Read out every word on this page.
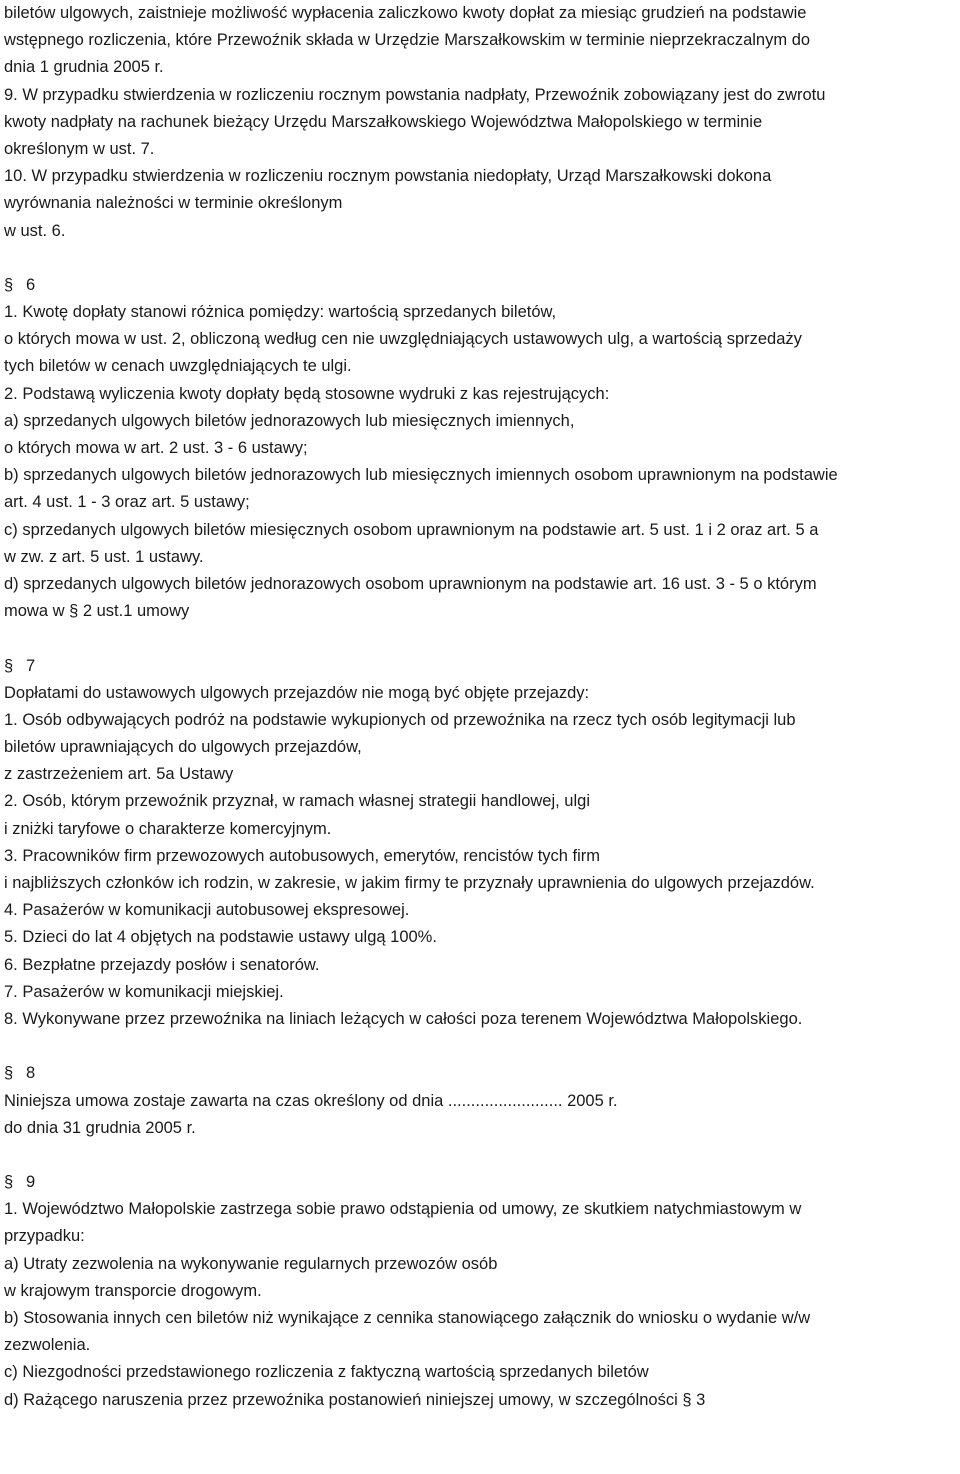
biletów ulgowych, zaistnieje możliwość wypłacenia zaliczkowo kwoty dopłat za miesiąc grudzień na podstawie
wstępnego rozliczenia, które Przewoźnik składa w Urzędzie Marszałkowskim w terminie nieprzekraczalnym do
dnia 1 grudnia 2005 r.
9. W przypadku stwierdzenia w rozliczeniu rocznym powstania nadpłaty, Przewoźnik zobowiązany jest do zwrotu
kwoty nadpłaty na rachunek bieżący Urzędu Marszałkowskiego Województwa Małopolskiego w terminie
określonym w ust. 7.
10. W przypadku stwierdzenia w rozliczeniu rocznym powstania niedopłaty, Urząd Marszałkowski dokona
wyrównania należności w terminie określonym
w ust. 6.
§ 6
1. Kwotę dopłaty stanowi różnica pomiędzy: wartością sprzedanych biletów,
o których mowa w ust. 2, obliczoną według cen nie uwzględniających ustawowych ulg, a wartością sprzedaży
tych biletów w cenach uwzględniających te ulgi.
2. Podstawą wyliczenia kwoty dopłaty będą stosowne wydruki z kas rejestrujących:
a) sprzedanych ulgowych biletów jednorazowych lub miesięcznych imiennych,
o których mowa w art. 2 ust. 3 - 6 ustawy;
b) sprzedanych ulgowych biletów jednorazowych lub miesięcznych imiennych osobom uprawnionym na podstawie
art. 4 ust. 1 - 3 oraz art. 5 ustawy;
c) sprzedanych ulgowych biletów miesięcznych osobom uprawnionym na podstawie art. 5 ust. 1 i 2 oraz art. 5 a
w zw. z art. 5 ust. 1 ustawy.
d) sprzedanych ulgowych biletów jednorazowych osobom uprawnionym na podstawie art. 16 ust. 3 - 5 o którym
mowa w § 2 ust.1 umowy
§ 7
Dopłatami do ustawowych ulgowych przejazdów nie mogą być objęte przejazdy:
1. Osób odbywających podróż na podstawie wykupionych od przewoźnika na rzecz tych osób legitymacji lub
biletów uprawniających do ulgowych przejazdów,
z zastrzeżeniem art. 5a Ustawy
2. Osób, którym przewoźnik przyznał, w ramach własnej strategii handlowej, ulgi
i zniżki taryfowe o charakterze komercyjnym.
3. Pracowników firm przewozowych autobusowych, emerytów, rencistów tych firm
i najbliższych członków ich rodzin, w zakresie, w jakim firmy te przyznały uprawnienia do ulgowych przejazdów.
4. Pasażerów w komunikacji autobusowej ekspresowej.
5. Dzieci do lat 4 objętych na podstawie ustawy ulgą 100%.
6. Bezpłatne przejazdy posłów i senatorów.
7. Pasażerów w komunikacji miejskiej.
8. Wykonywane przez przewoźnika na liniach leżących w całości poza terenem Województwa Małopolskiego.
§ 8
Niniejsza umowa zostaje zawarta na czas określony od dnia ......................... 2005 r.
do dnia 31 grudnia 2005 r.
§ 9
1. Województwo Małopolskie zastrzega sobie prawo odstąpienia od umowy, ze skutkiem natychmiastowym w
przypadku:
a) Utraty zezwolenia na wykonywanie regularnych przewozów osób
w krajowym transporcie drogowym.
b) Stosowania innych cen biletów niż wynikające z cennika stanowiącego załącznik do wniosku o wydanie w/w
zezwolenia.
c) Niezgodności przedstawionego rozliczenia z faktyczną wartością sprzedanych biletów
d) Rażącego naruszenia przez przewoźnika postanowień niniejszej umowy, w szczególności § 3
